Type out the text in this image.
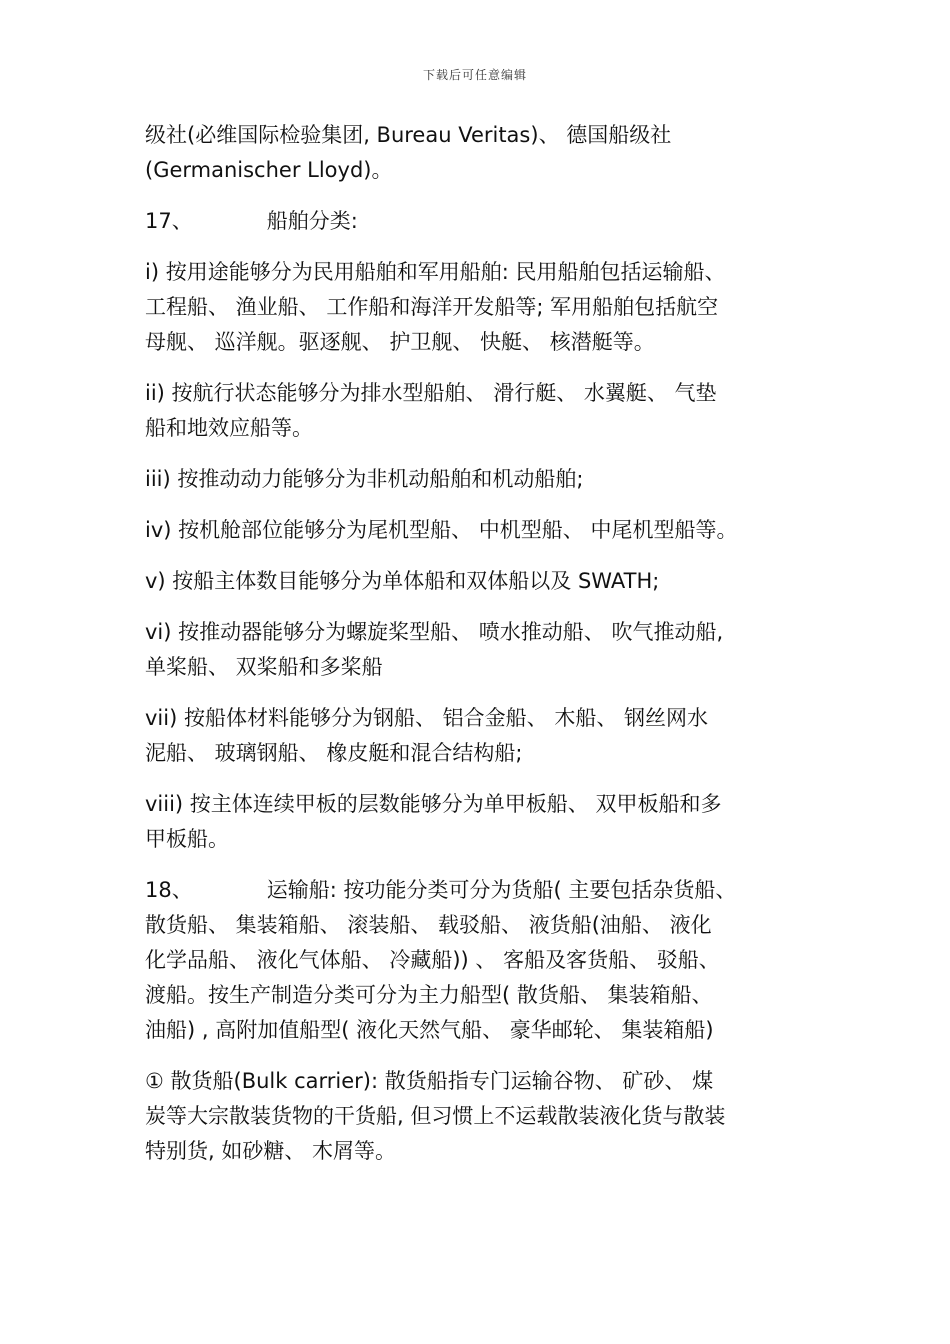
下载后可任意编辑

级社(必维国际检验集团, Bureau Veritas)、 德国船级社
(Germanischer Lloyd)。

17、	船舶分类:

i) 按用途能够分为民用船舶和军用船舶: 民用船舶包括运输船、
工程船、 渔业船、 工作船和海洋开发船等; 军用船舶包括航空
母舰、 巡洋舰。驱逐舰、 护卫舰、 快艇、 核潜艇等。

ii) 按航行状态能够分为排水型船舶、 滑行艇、 水翼艇、 气垫
船和地效应船等。

iii) 按推动动力能够分为非机动船舶和机动船舶;

iv) 按机舱部位能够分为尾机型船、 中机型船、 中尾机型船等。

v) 按船主体数目能够分为单体船和双体船以及 SWATH;

vi) 按推动器能够分为螺旋桨型船、 喷水推动船、 吹气推动船,
单桨船、 双桨船和多桨船

vii) 按船体材料能够分为钢船、 铝合金船、 木船、 钢丝网水
泥船、 玻璃钢船、 橡皮艇和混合结构船;

viii) 按主体连续甲板的层数能够分为单甲板船、 双甲板船和多
甲板船。

18、	运输船: 按功能分类可分为货船( 主要包括杂货船、
散货船、 集装箱船、 滚装船、 载驳船、 液货船(油船、 液化
化学品船、 液化气体船、 冷藏船)) 、 客船及客货船、 驳船、
渡船。按生产制造分类可分为主力船型( 散货船、 集装箱船、
油船) , 高附加值船型( 液化天然气船、 豪华邮轮、 集装箱船)

① 散货船(Bulk carrier): 散货船指专门运输谷物、 矿砂、 煤
炭等大宗散装货物的干货船, 但习惯上不运载散装液化货与散装
特别货, 如砂糖、 木屑等。
